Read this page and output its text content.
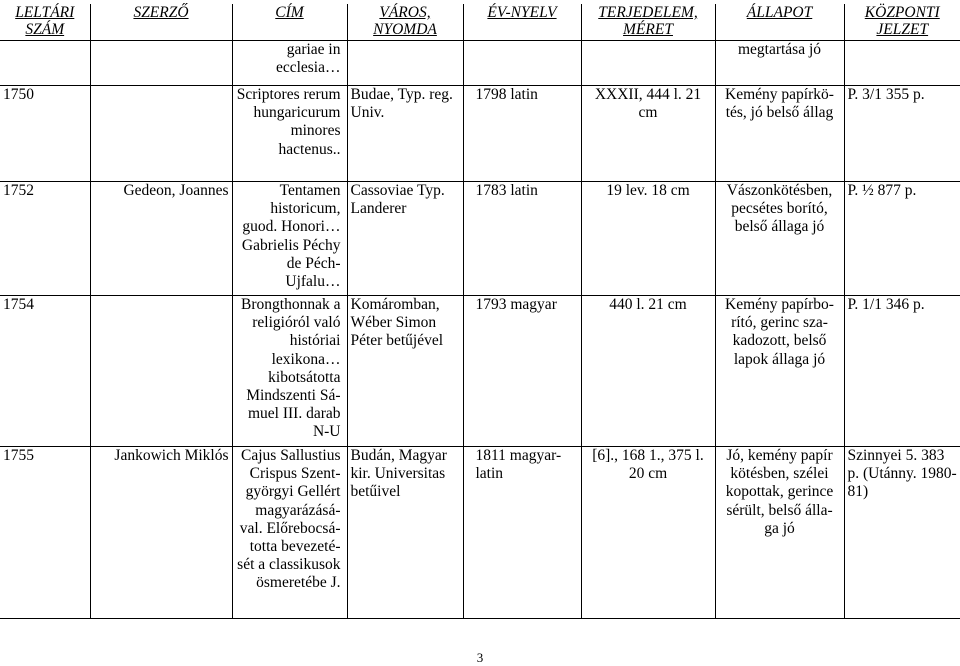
LELTÁRI SZÁM	SZERZŐ	CÍM	VÁROS, NYOMDA	ÉV-NYELV	TERJEDELEM, MÉRET	ÁLLAPOT	KÖZPONTI JELZET
		gariae in ecclesia…				megtartása jó	
1750		Scriptores rerum hungaricurum minores hactenus..	Budae, Typ. reg. Univ.	1798 latin	XXXII, 444 l. 21 cm	Kemény papírkö- tés, jó belső állag	P. 3/1 355 p.
1752	Gedeon, Joannes	Tentamen historicum, guod. Honori… Gabrielis Péchy de Péch- Ujfalu…	Cassoviae Typ. Landerer	1783 latin	19 lev. 18 cm	Vászonkötésben, pecsétes borító, belső állaga jó	P. ½ 877 p.
1754		Brongthonnak a religióról való históriai lexikona… kibotsátotta Mindszenti Sá- muel III. darab N-U	Komáromban, Wéber Simon Péter betűjével	1793 magyar	440 l. 21 cm	Kemény papírbo- rító, gerinc sza- kadozott, belső lapok állaga jó	P. 1/1 346 p.
1755	Jankowich Miklós	Cajus Sallustius Crispus Szent- györgyi Gellért magyarázásá- val. Előrebocsá- totta bevezeté- sét a classikusok ösmeretébe J.	Budán, Magyar kir. Universitas betűivel	1811 magyar-latin	[6]., 168 1., 375 l. 20 cm	Jó, kemény papír kötésben, szélei kopottak, gerince sérült, belső álla- ga jó	Szinnyei 5. 383 p. (Utánny. 1980- 81)
3
